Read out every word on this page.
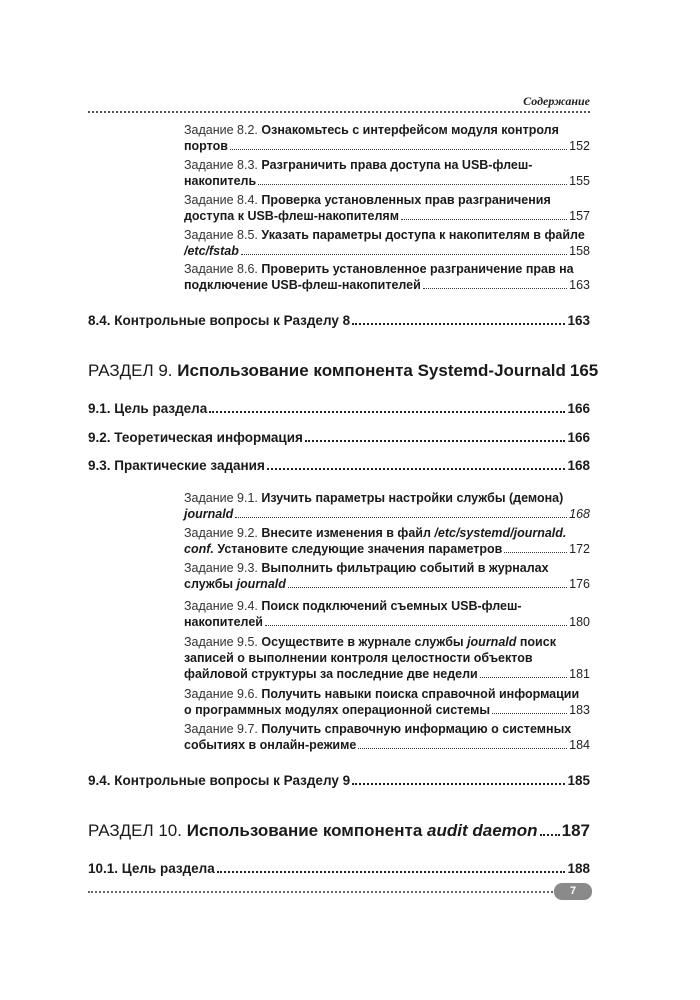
Содержание
Задание 8.2. Ознакомьтесь с интерфейсом модуля контроля
портов	152
Задание 8.3. Разграничить права доступа на USB-флеш-
накопитель	155
Задание 8.4. Проверка установленных прав разграничения
доступа к USB-флеш-накопителям	157
Задание 8.5. Указать параметры доступа к накопителям в файле
/etc/fstab	158
Задание 8.6. Проверить установленное разграничение прав на
подключение USB-флеш-накопителей	163
8.4. Контрольные вопросы к Разделу 8	163
РАЗДЕЛ 9. Использование компонента Systemd-Journald 165
9.1. Цель раздела	166
9.2. Теоретическая информация	166
9.3. Практические задания	168
Задание 9.1. Изучить параметры настройки службы (демона)
journald	168
Задание 9.2. Внесите изменения в файл /etc/systemd/journald.
conf. Установите следующие значения параметров	172
Задание 9.3. Выполнить фильтрацию событий в журналах
службы journald	176
Задание 9.4. Поиск подключений съемных USB-флеш-
накопителей	180
Задание 9.5. Осуществите в журнале службы journald поиск
записей о выполнении контроля целостности объектов
файловой структуры за последние две недели	181
Задание 9.6. Получить навыки поиска справочной информации
о программных модулях операционной системы	183
Задание 9.7. Получить справочную информацию о системных
событиях в онлайн-режиме	184
9.4. Контрольные вопросы к Разделу 9	185
РАЗДЕЛ 10. Использование компонента audit daemon 187
10.1. Цель раздела	188
7
